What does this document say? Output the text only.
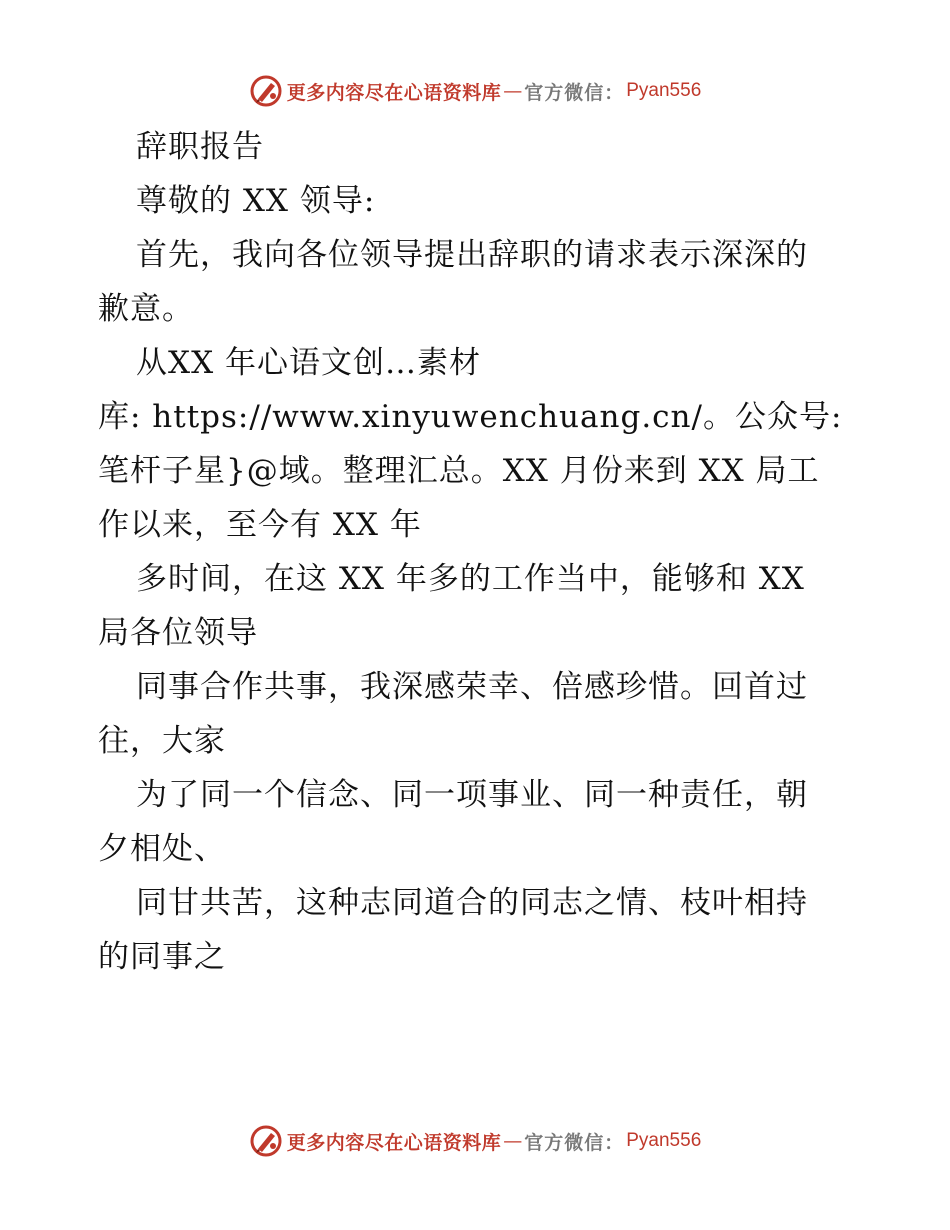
更多内容尽在心语资料库 — 官方微信： Pyan556
辞职报告
尊敬的 XX 领导:
首先，我向各位领导提出辞职的请求表示深深的
歉意。
从XX 年心语文创…素材
库: https://www.xinyuwenchuang.cn/。公众号:
笔杆子星}@域。整理汇总。XX 月份来到 XX 局工
作以来，至今有 XX 年
多时间，在这 XX 年多的工作当中，能够和 XX
局各位领导
同事合作共事，我深感荣幸、倍感珍惜。回首过
往，大家
为了同一个信念、同一项事业、同一种责任，朝
夕相处、
同甘共苦，这种志同道合的同志之情、枝叶相持
的同事之
更多内容尽在心语资料库 — 官方微信： Pyan556
